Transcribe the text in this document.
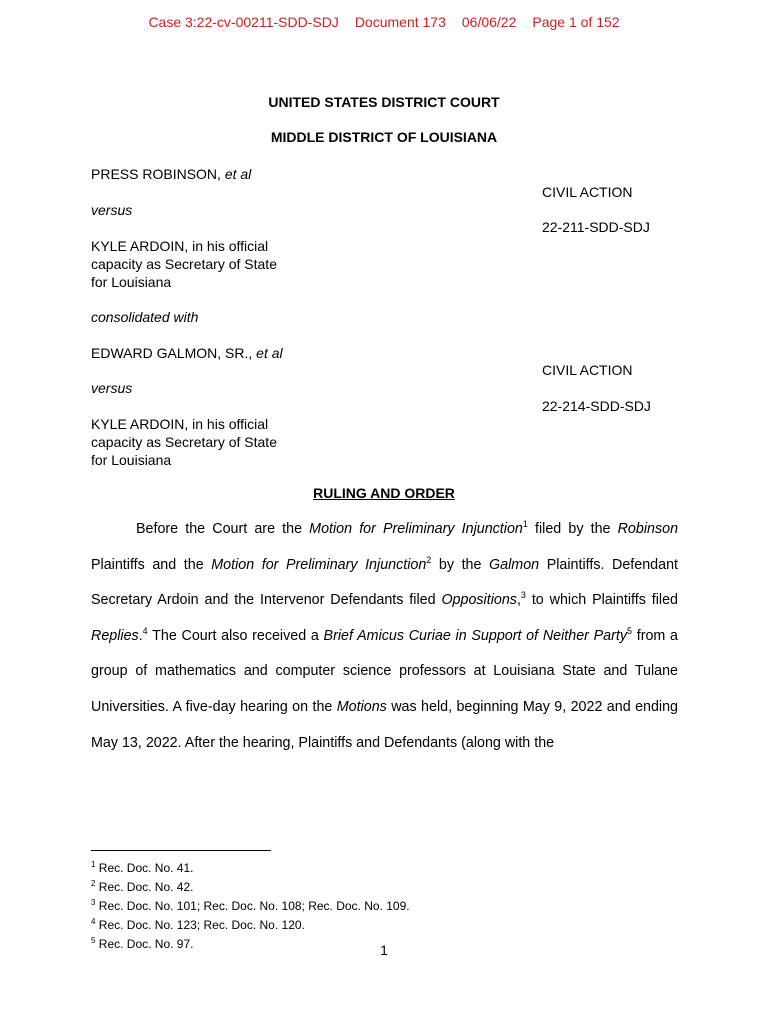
Case 3:22-cv-00211-SDD-SDJ Document 173 06/06/22 Page 1 of 152
UNITED STATES DISTRICT COURT
MIDDLE DISTRICT OF LOUISIANA
PRESS ROBINSON, et al
CIVIL ACTION
versus
22-211-SDD-SDJ
KYLE ARDOIN, in his official
capacity as Secretary of State
for Louisiana
consolidated with
EDWARD GALMON, SR., et al
CIVIL ACTION
versus
22-214-SDD-SDJ
KYLE ARDOIN, in his official
capacity as Secretary of State
for Louisiana
RULING AND ORDER

Before the Court are the Motion for Preliminary Injunction$^1$ filed by the Robinson Plaintiffs and the Motion for Preliminary Injunction$^2$ by the Galmon Plaintiffs. Defendant Secretary Ardoin and the Intervenor Defendants filed Oppositions,$^3$ to which Plaintiffs filed Replies.$^4$ The Court also received a Brief Amicus Curiae in Support of Neither Party$^5$ from a group of mathematics and computer science professors at Louisiana State and Tulane Universities. A five-day hearing on the Motions was held, beginning May 9, 2022 and ending May 13, 2022. After the hearing, Plaintiffs and Defendants (along with the

$^1$ Rec. Doc. No. 41.
$^2$ Rec. Doc. No. 42.
$^3$ Rec. Doc. No. 101; Rec. Doc. No. 108; Rec. Doc. No. 109.
$^4$ Rec. Doc. No. 123; Rec. Doc. No. 120.
$^5$ Rec. Doc. No. 97.	1
